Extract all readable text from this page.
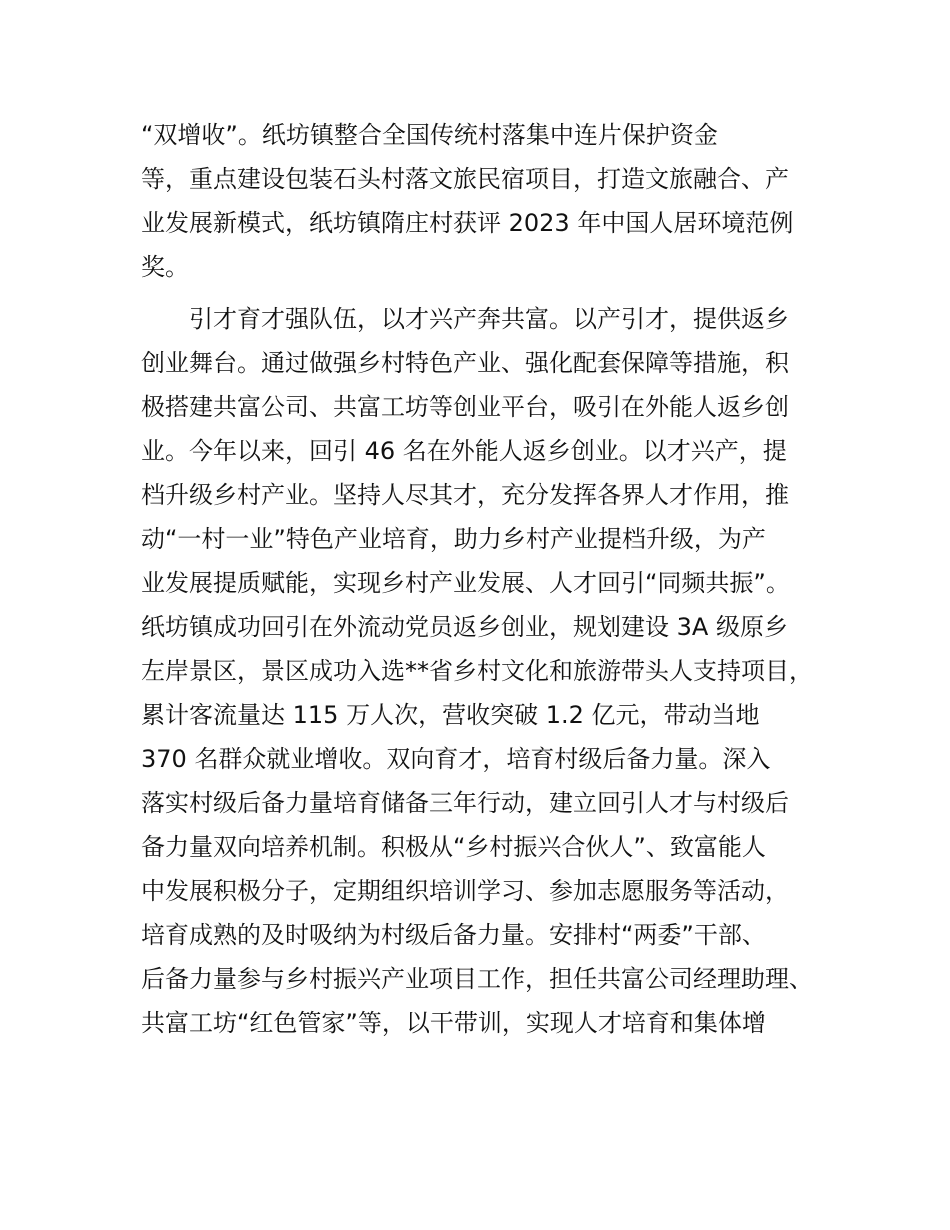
“双增收”。纸坊镇整合全国传统村落集中连片保护资金
等，重点建设包装石头村落文旅民宿项目，打造文旅融合、产
业发展新模式，纸坊镇隋庄村获评 2023 年中国人居环境范例
奖。
引才育才强队伍，以才兴产奔共富。以产引才，提供返乡
创业舞台。通过做强乡村特色产业、强化配套保障等措施，积
极搭建共富公司、共富工坊等创业平台，吸引在外能人返乡创
业。今年以来，回引 46 名在外能人返乡创业。以才兴产，提
档升级乡村产业。坚持人尽其才，充分发挥各界人才作用，推
动“一村一业”特色产业培育，助力乡村产业提档升级，为产
业发展提质赋能，实现乡村产业发展、人才回引“同频共振”。
纸坊镇成功回引在外流动党员返乡创业，规划建设 3A 级原乡
左岸景区，景区成功入选**省乡村文化和旅游带头人支持项目，
累计客流量达 115 万人次，营收突破 1.2 亿元，带动当地
370 名群众就业增收。双向育才，培育村级后备力量。深入
落实村级后备力量培育储备三年行动，建立回引人才与村级后
备力量双向培养机制。积极从“乡村振兴合伙人”、致富能人
中发展积极分子，定期组织培训学习、参加志愿服务等活动，
培育成熟的及时吸纳为村级后备力量。安排村“两委”干部、
后备力量参与乡村振兴产业项目工作，担任共富公司经理助理、
共富工坊“红色管家”等，以干带训，实现人才培育和集体增
